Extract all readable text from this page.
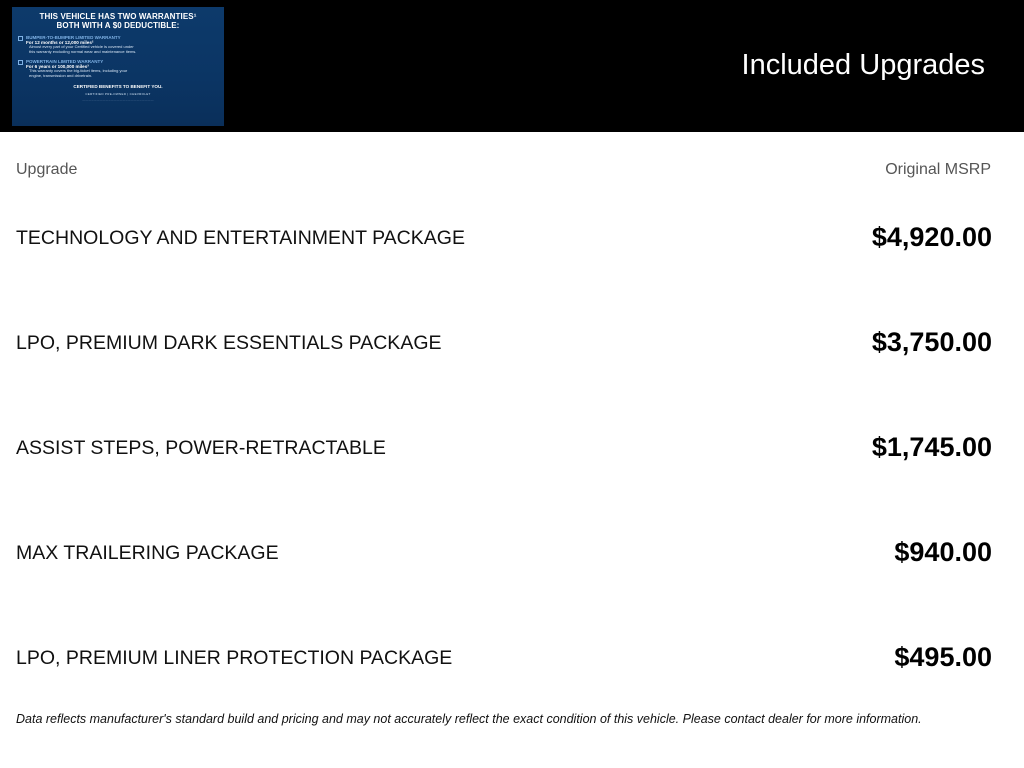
THIS VEHICLE HAS TWO WARRANTIES¹
BOTH WITH A $0 DEDUCTIBLE:
BUMPER-TO-BUMPER LIMITED WARRANTY
For 12 months or 12,000 miles²
Almost every part of your Certified vehicle is covered under
this warranty excluding normal wear and maintenance items.
POWERTRAIN LIMITED WARRANTY
For 6 years or 100,000 miles³
This warranty covers the big-ticket items, including your
engine, transmission and drivetrain.
CERTIFIED BENEFITS TO BENEFIT YOU.
CERTIFIED PRE-OWNED | CHEVROLET
......................................................................................................................
Included Upgrades
Upgrade	Original MSRP
TECHNOLOGY AND ENTERTAINMENT PACKAGE	$4,920.00
LPO, PREMIUM DARK ESSENTIALS PACKAGE	$3,750.00
ASSIST STEPS, POWER-RETRACTABLE	$1,745.00
MAX TRAILERING PACKAGE	$940.00
LPO, PREMIUM LINER PROTECTION PACKAGE	$495.00
Data reflects manufacturer's standard build and pricing and may not accurately reflect the exact condition of this vehicle. Please contact dealer for more information.
